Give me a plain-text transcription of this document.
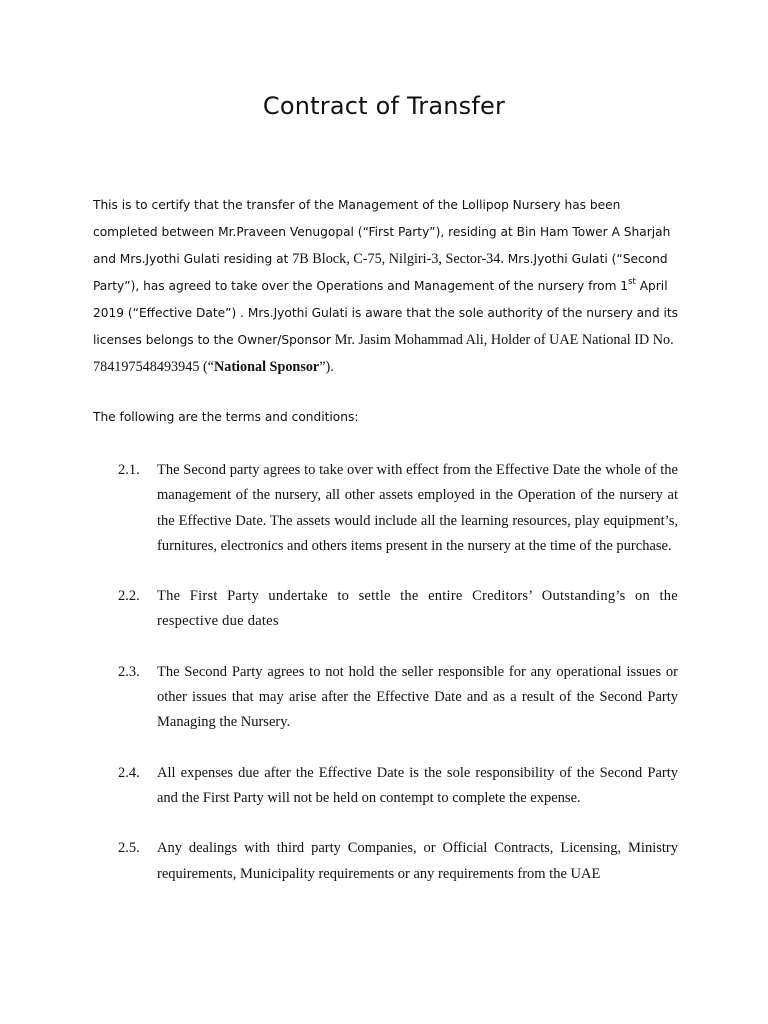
Contract of Transfer

This is to certify that the transfer of the Management of the Lollipop Nursery has been completed between Mr.Praveen Venugopal (“First Party”), residing at Bin Ham Tower A Sharjah and Mrs.Jyothi Gulati residing at 7B Block, C-75, Nilgiri-3, Sector-34. Mrs.Jyothi Gulati (“Second Party”), has agreed to take over the Operations and Management of the nursery from 1st April 2019 (“Effective Date”) . Mrs.Jyothi Gulati is aware that the sole authority of the nursery and its licenses belongs to the Owner/Sponsor Mr. Jasim Mohammad Ali, Holder of UAE National ID No. 784197548493945 (“National Sponsor”).

The following are the terms and conditions:

2.1. The Second party agrees to take over with effect from the Effective Date the whole of the management of the nursery, all other assets employed in the Operation of the nursery at the Effective Date. The assets would include all the learning resources, play equipment’s, furnitures, electronics and others items present in the nursery at the time of the purchase.
2.2. The First Party undertake to settle the entire Creditors’ Outstanding’s on the respective due dates
2.3. The Second Party agrees to not hold the seller responsible for any operational issues or other issues that may arise after the Effective Date and as a result of the Second Party Managing the Nursery.
2.4. All expenses due after the Effective Date is the sole responsibility of the Second Party and the First Party will not be held on contempt to complete the expense.
2.5. Any dealings with third party Companies, or Official Contracts, Licensing, Ministry requirements, Municipality requirements or any requirements from the UAE
